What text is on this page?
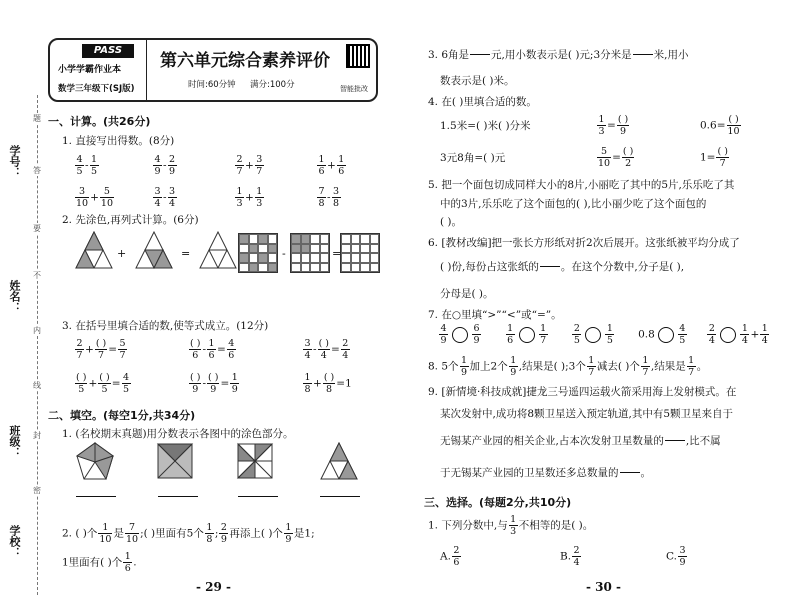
学号：
姓名：
班级：
学校：
题
答
要
不
内
线
封
密
PASS
小学学霸作业本
数学三年级下(SJ版)
第六单元综合素养评价
时间:60分钟 满分:100分	智能批改
一、计算。(共26分)
1. 直接写出得数。(8分)
$\frac{4}{5} - \frac{1}{5}$	$\frac{4}{9} - \frac{2}{9}$	$\frac{2}{7} + \frac{3}{7}$	$\frac{1}{6} + \frac{1}{6}$
$\frac{3}{10} + \frac{5}{10}$	$\frac{3}{4} - \frac{3}{4}$	$\frac{1}{3} + \frac{1}{3}$	$\frac{7}{8} - \frac{3}{8}$
2. 先涂色,再列式计算。(6分)
+	=	-	=
3. 在括号里填合适的数,使等式成立。(12分)
$\frac{2}{7} + \frac{( )}{7} = \frac{5}{7}$	$\frac{( )}{6} - \frac{1}{6} = \frac{4}{6}$	$\frac{3}{4} - \frac{( )}{4} = \frac{2}{4}$
$\frac{( )}{5} + \frac{( )}{5} = \frac{4}{5}$	$\frac{( )}{9} - \frac{( )}{9} = \frac{1}{9}$	$\frac{1}{8} + \frac{( )}{8} =1$
二、填空。(每空1分,共34分)
1. (名校期末真题)用分数表示各图中的涂色部分。
2. ( )个 $\frac{1}{10}$ 是 $\frac{7}{10}$ ;( )里面有5个 $\frac{1}{8}$ ; $\frac{2}{9}$ 再添上( )个 $\frac{1}{9}$ 是1;
1里面有( )个 $\frac{1}{6}$ .
- 29 -
3. 6角是 元,用小数表示是( )元;3分米是 米,用小
数表示是( )米。
4. 在( )里填合适的数。
1.5米=( )米( )分米	$\frac{1}{3} = \frac{( )}{9}$	$0.6= \frac{( )}{10}$
3元8角=( )元	$\frac{5}{10} = \frac{( )}{2}$	$1= \frac{( )}{7}$
5. 把一个面包切成同样大小的8片,小丽吃了其中的5片,乐乐吃了其
中的3片,乐乐吃了这个面包的( ),比小丽少吃了这个面包的
( )。
6. [教材改编]把一张长方形纸对折2次后展开。这张纸被平均分成了
( )份,每份占这张纸的 。在这个分数中,分子是( ),
分母是( )。
7. 在○里填“>”“<”或“=”。
$\frac{4}{9}$	$\frac{6}{9}$
	$\frac{1}{6}$	$\frac{1}{7}$
	$\frac{2}{5}$	$\frac{1}{5} 0.8 \frac{4}{5}$
$\frac{2}{4}$	$\frac{1}{4} + \frac{1}{4}$
8. 5个 $\frac{1}{9}$ 加上2个 $\frac{1}{9}$ ,结果是( );3个 $\frac{1}{7}$ 减去( )个 $\frac{1}{7}$ ,结果是 $\frac{1}{7}$ 。
9. [新情境·科技成就]捷龙三号遥四运载火箭采用海上发射模式。在
某次发射中,成功将8颗卫星送入预定轨道,其中有5颗卫星来自于
无锡某产业园的相关企业,占本次发射卫星数量的 ,比不属
于无锡某产业园的卫星数还多总数量的 。
三、选择。(每题2分,共10分)
1. 下列分数中,与 $\frac{1}{3}$ 不相等的是( )。
A. $\frac{2}{6}$	B. $\frac{2}{4}$	C. $\frac{3}{9}$
- 30 -
